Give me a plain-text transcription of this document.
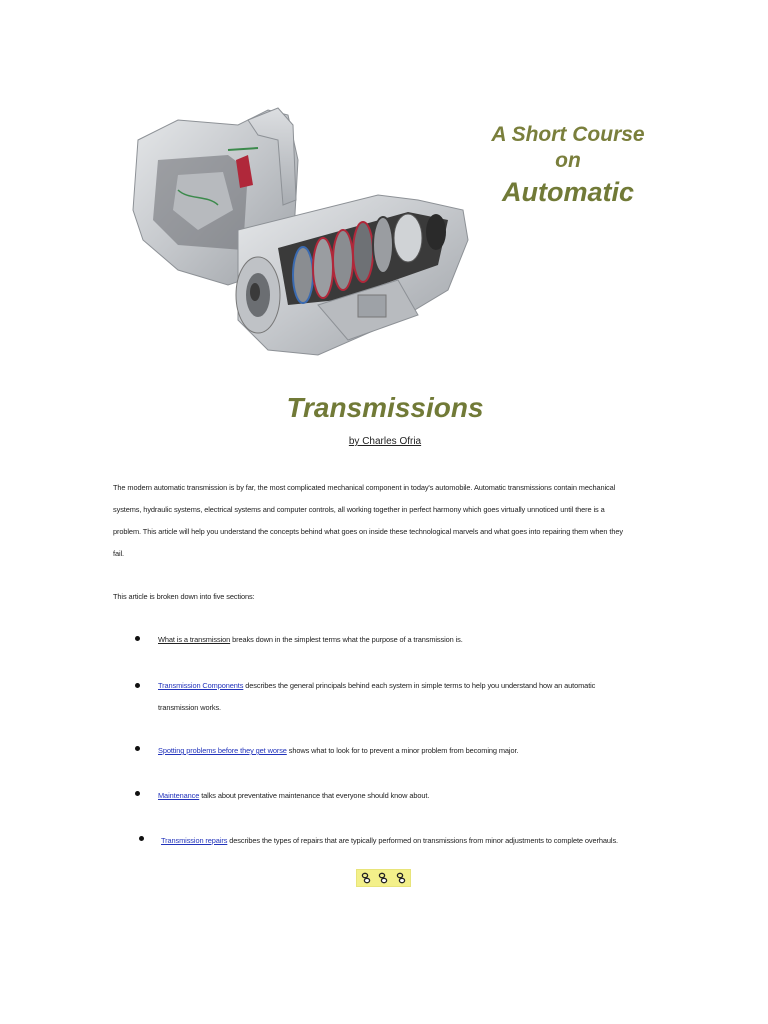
A Short Course
on
Automatic
Transmissions
by Charles Ofria

The modern automatic transmission is by far, the most complicated mechanical component in today's automobile. Automatic transmissions contain mechanical

systems, hydraulic systems, electrical systems and computer controls, all working together in perfect harmony which goes virtually unnoticed until there is a

problem. This article will help you understand the concepts behind what goes on inside these technological marvels and what goes into repairing them when they

fail.

This article is broken down into five sections:
What is a transmission breaks down in the simplest terms what the purpose of a transmission is.
Transmission Components describes the general principals behind each system in simple terms to help you understand how an automatic
transmission works.
Spotting problems before they get worse shows what to look for to prevent a minor problem from becoming major.
Maintenance talks about preventative maintenance that everyone should know about.
Transmission repairs describes the types of repairs that are typically performed on transmissions from minor adjustments to complete overhauls.
